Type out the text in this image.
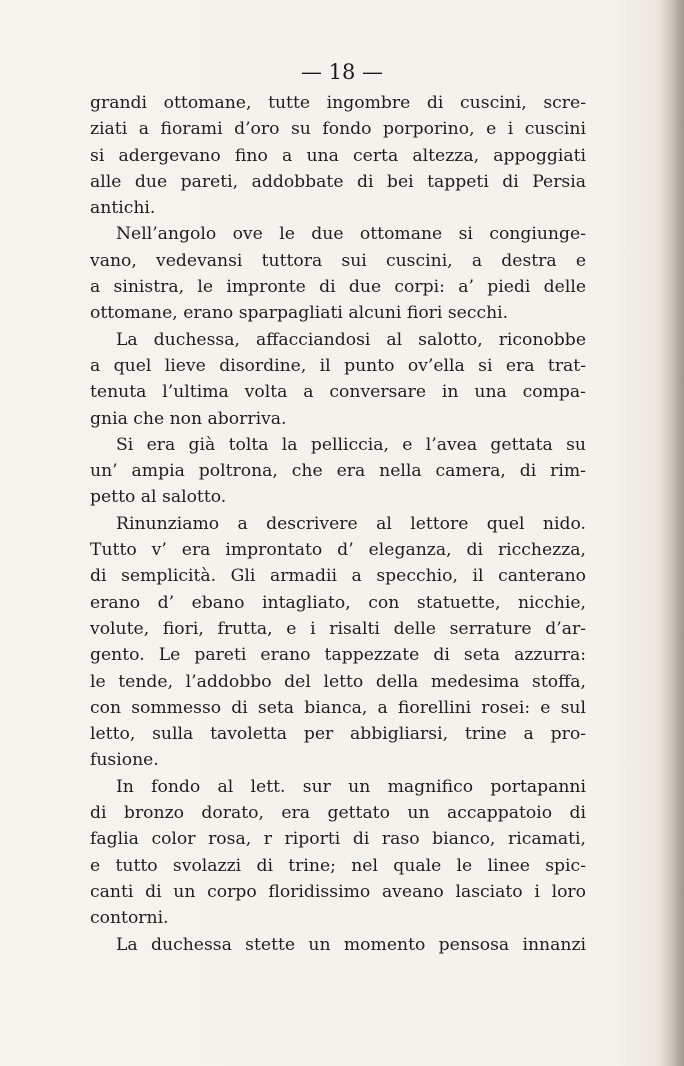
— 18 —
grandi ottomane, tutte ingombre di cuscini, scre-
ziati a fiorami d’oro su fondo porporino, e i cuscini
si adergevano fino a una certa altezza, appoggiati
alle due pareti, addobbate di bei tappeti di Persia
antichi.
Nell’angolo ove le due ottomane si congiunge-
vano, vedevansi tuttora sui cuscini, a destra e
a sinistra, le impronte di due corpi: a’ piedi delle
ottomane, erano sparpagliati alcuni fiori secchi.
La duchessa, affacciandosi al salotto, riconobbe
a quel lieve disordine, il punto ov’ella si era trat-
tenuta l’ultima volta a conversare in una compa-
gnia che non aborriva.
Si era già tolta la pelliccia, e l’avea gettata su
un’ ampia poltrona, che era nella camera, di rim-
petto al salotto.
Rinunziamo a descrivere al lettore quel nido.
Tutto v’ era improntato d’ eleganza, di ricchezza,
di semplicità. Gli armadii a specchio, il canterano
erano d’ ebano intagliato, con statuette, nicchie,
volute, fiori, frutta, e i risalti delle serrature d’ar-
gento. Le pareti erano tappezzate di seta azzurra:
le tende, l’addobbo del letto della medesima stoffa,
con sommesso di seta bianca, a fiorellini rosei: e sul
letto, sulla tavoletta per abbigliarsi, trine a pro-
fusione.
In fondo al lett. sur un magnifico portapanni
di bronzo dorato, era gettato un accappatoio di
faglia color rosa, r riporti di raso bianco, ricamati,
e tutto svolazzi di trine; nel quale le linee spic-
canti di un corpo floridissimo aveano lasciato i loro
contorni.
La duchessa stette un momento pensosa innanzi
